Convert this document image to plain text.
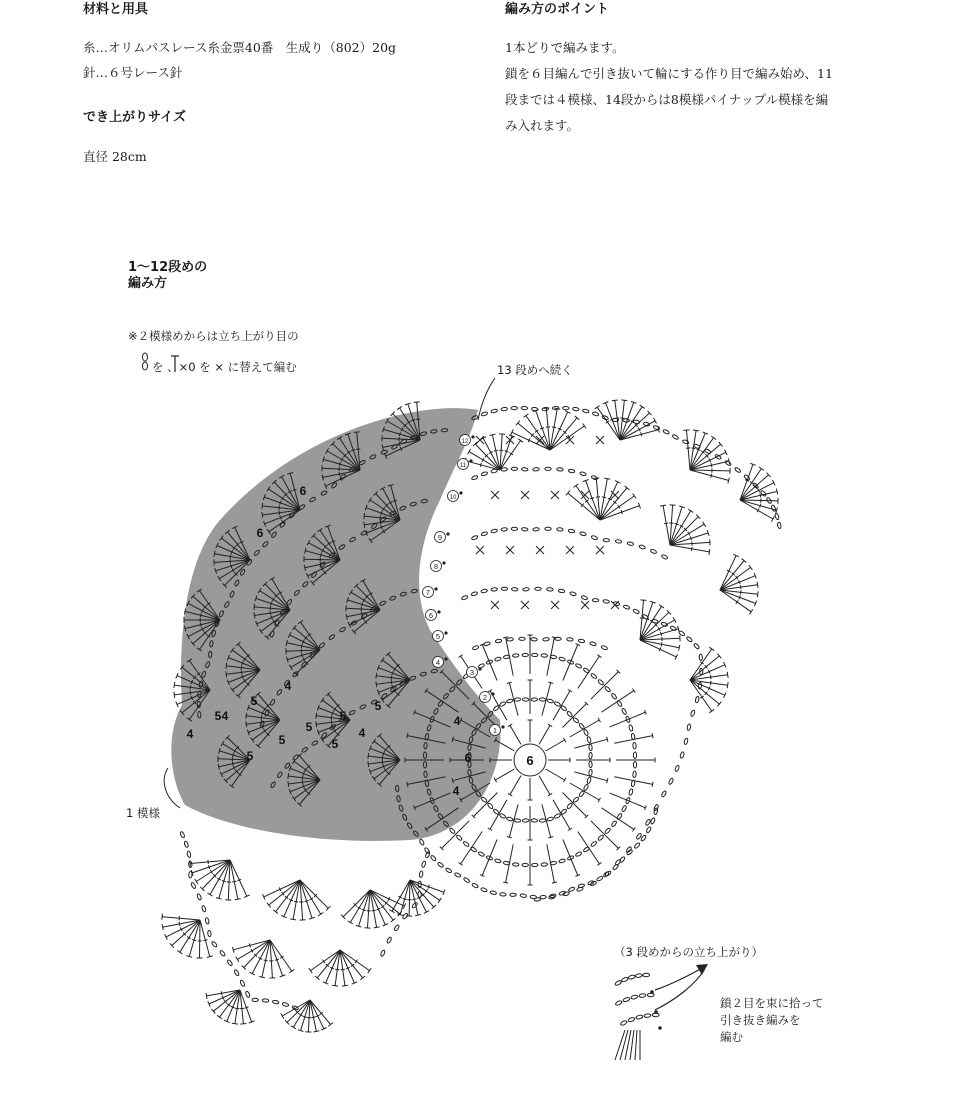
材料と用具
糸…オリムパスレース糸金票40番　生成り（802）20g
針…６号レース針
でき上がりサイズ
直径 28cm
編み方のポイント
1本どりで編みます。
鎖を６目編んで引き抜いて輪にする作り目で編み始め、11
段までは４模様、14段からは8模様パイナップル模様を編
み入れます。
1〜12段めの
編み方
※２模様めからは立ち上がり目の
を 、×0 を × に替えて編む	13 段めへ続く
1 模様
（3 段めからの立ち上がり）
鎖２目を束に拾って
引き抜き編みを
編む
1
2
3
4
5
6
7
8
9
10
11
12
6
6
6
4
4
4
5
5
5
5
5
5
5
5
4
4
6
4
